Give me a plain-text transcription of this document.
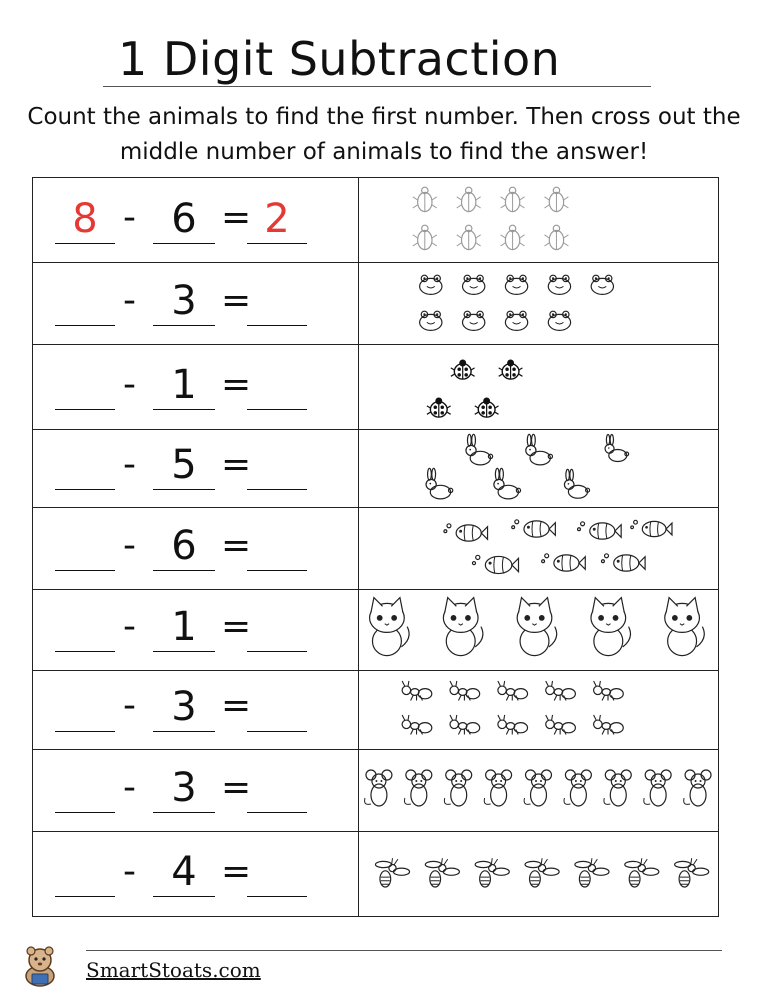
1 Digit Subtraction
Count the animals to find the first number. Then cross out the middle number of animals to find the answer!
8 - 6 = 2
- 3 =
- 1 =
- 5 =
- 6 =
- 1 =
- 3 =
- 3 =
- 4 =
SmartStoats.com
